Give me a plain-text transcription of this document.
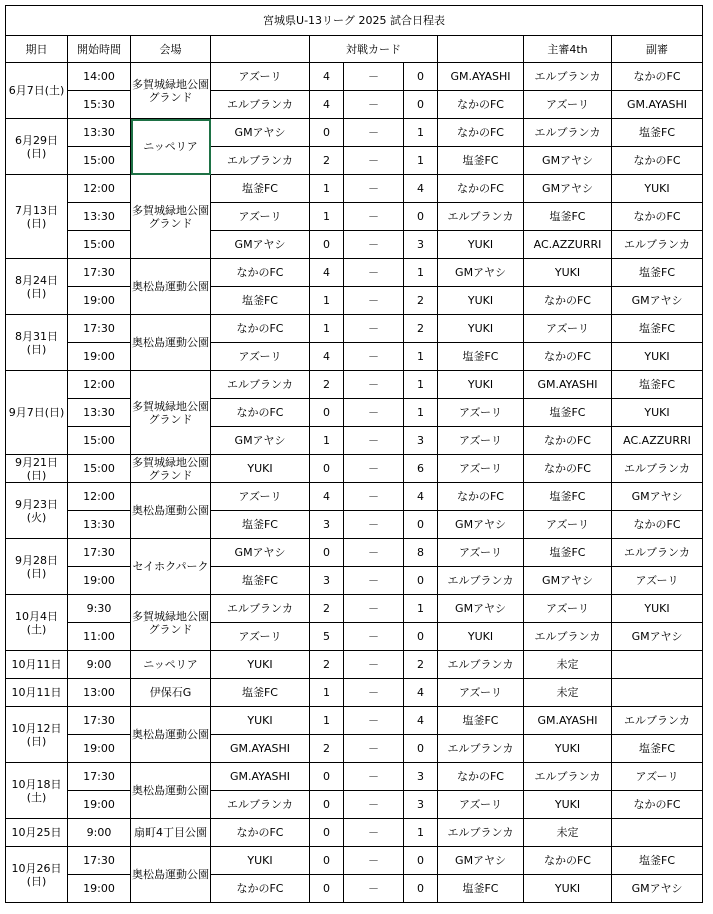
宮城県U-13リーグ 2025 試合日程表									
期日	開始時間	会場		対戦カード				主審4th	副審
6月7日(土)	14:00	多賀城緑地公園グランド	アズーリ	4	－	0	GM.AYASHI	エルブランカ	なかのFC
	15:30		エルブランカ	4	－	0	なかのFC	アズーリ	GM.AYASHI
6月29日(日)	13:30	ニッペリア	GMアヤシ	0	－	1	なかのFC	エルブランカ	塩釜FC
	15:00		エルブランカ	2	－	1	塩釜FC	GMアヤシ	なかのFC
7月13日(日)	12:00	多賀城緑地公園グランド	塩釜FC	1	－	4	なかのFC	GMアヤシ	YUKI
	13:30		アズーリ	1	－	0	エルブランカ	塩釜FC	なかのFC
	15:00		GMアヤシ	0	－	3	YUKI	AC.AZZURRI	エルブランカ
8月24日(日)	17:30	奥松島運動公園	なかのFC	4	－	1	GMアヤシ	YUKI	塩釜FC
	19:00		塩釜FC	1	－	2	YUKI	なかのFC	GMアヤシ
8月31日(日)	17:30	奥松島運動公園	なかのFC	1	－	2	YUKI	アズーリ	塩釜FC
	19:00		アズーリ	4	－	1	塩釜FC	なかのFC	YUKI
9月7日(日)	12:00	多賀城緑地公園グランド	エルブランカ	2	－	1	YUKI	GM.AYASHI	塩釜FC
	13:30		なかのFC	0	－	1	アズーリ	塩釜FC	YUKI
	15:00		GMアヤシ	1	－	3	アズーリ	なかのFC	AC.AZZURRI
9月21日(日)	15:00	多賀城緑地公園グランド	YUKI	0	－	6	アズーリ	なかのFC	エルブランカ
9月23日(火)	12:00	奥松島運動公園	アズーリ	4	－	4	なかのFC	塩釜FC	GMアヤシ
	13:30		塩釜FC	3	－	0	GMアヤシ	アズーリ	なかのFC
9月28日(日)	17:30	セイホクパーク	GMアヤシ	0	－	8	アズーリ	塩釜FC	エルブランカ
	19:00		塩釜FC	3	－	0	エルブランカ	GMアヤシ	アズーリ
10月4日(土)	9:30	多賀城緑地公園グランド	エルブランカ	2	－	1	GMアヤシ	アズーリ	YUKI
	11:00		アズーリ	5	－	0	YUKI	エルブランカ	GMアヤシ
10月11日	9:00	ニッペリア	YUKI	2	－	2	エルブランカ	未定	
10月11日	13:00	伊保石G	塩釜FC	1	－	4	アズーリ	未定	
10月12日(日)	17:30	奥松島運動公園	YUKI	1	－	4	塩釜FC	GM.AYASHI	エルブランカ
	19:00		GM.AYASHI	2	－	0	エルブランカ	YUKI	塩釜FC
10月18日(土)	17:30	奥松島運動公園	GM.AYASHI	0	－	3	なかのFC	エルブランカ	アズーリ
	19:00		エルブランカ	0	－	3	アズーリ	YUKI	なかのFC
10月25日	9:00	扇町4丁目公園	なかのFC	0	－	1	エルブランカ	未定	
10月26日(日)	17:30	奥松島運動公園	YUKI	0	－	0	GMアヤシ	なかのFC	塩釜FC
	19:00		なかのFC	0	－	0	塩釜FC	YUKI	GMアヤシ
